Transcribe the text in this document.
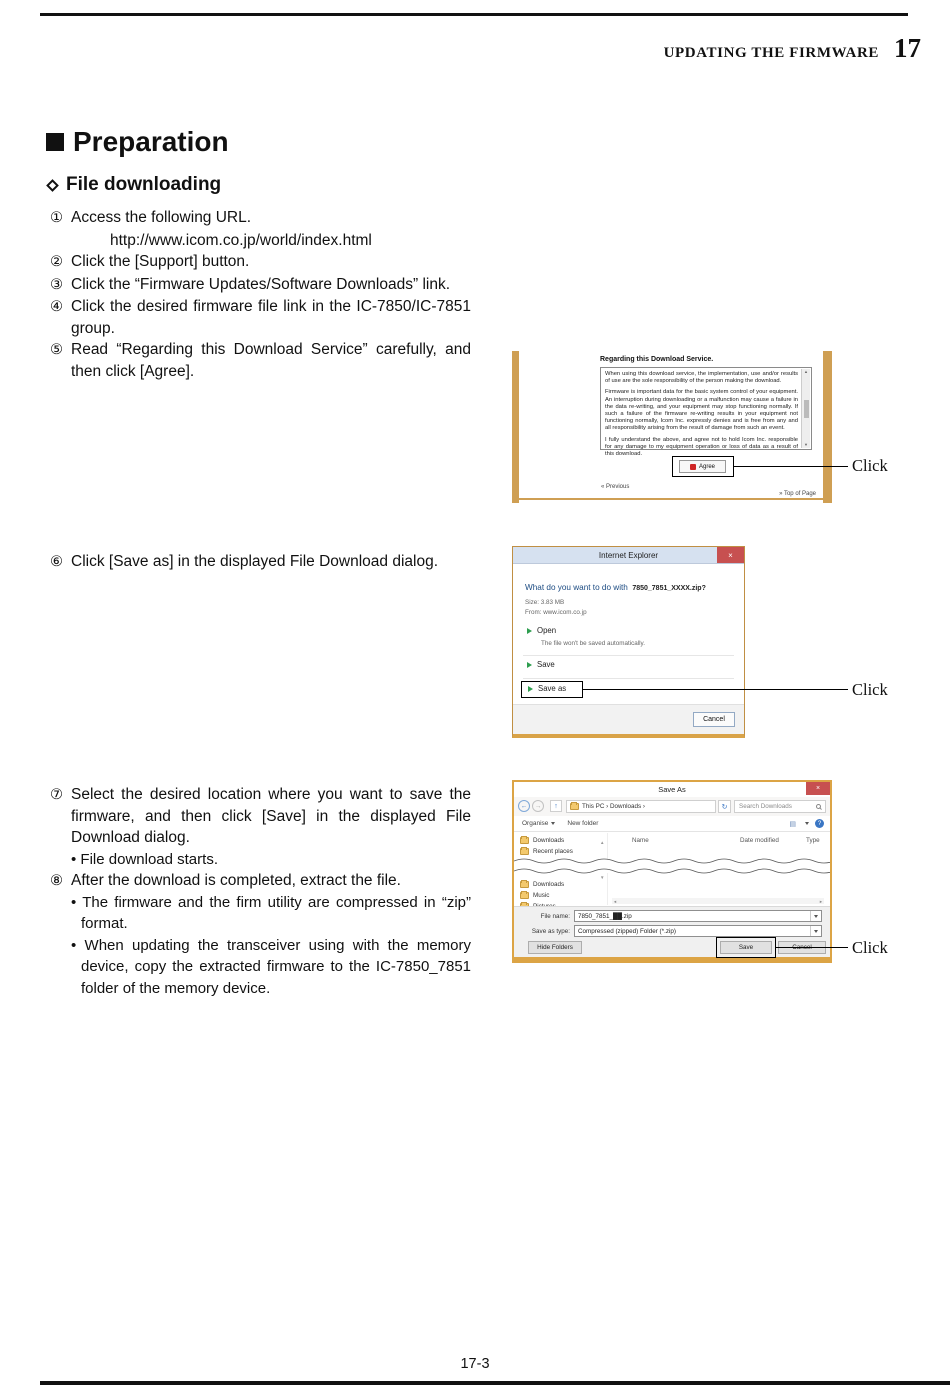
UPDATING THE FIRMWARE 17
Preparation
File downloading
① Access the following URL.
http://www.icom.co.jp/world/index.html
② Click the [Support] button.
③ Click the “Firmware Updates/Software Downloads” link.
④ Click the desired firmware file link in the IC-7850/IC-7851 group.
⑤ Read “Regarding this Download Service” carefully, and then click [Agree].
⑥ Click [Save as] in the displayed File Download dialog.
⑦ Select the desired location where you want to save the firmware, and then click [Save] in the displayed File Download dialog.
• File download starts.
⑧ After the download is completed, extract the file.
• The firmware and the firm utility are compressed in “zip” format.
• When updating the transceiver using with the memory device, copy the extracted firmware to the IC-7850_7851 folder of the memory device.
Regarding this Download Service.

When using this download service, the implementation, use and/or results of use are the sole responsibility of the person making the download.

Firmware is important data for the basic system control of your equipment. An interruption during downloading or a malfunction may cause a failure in the data re-writing, and your equipment may stop functioning normally. If such a failure of the firmware re-writing results in your equipment not functioning normally, Icom Inc. expressly denies and is free from any and all responsibility arising from the result of damage from such an event.

I fully understand the above, and agree not to hold Icom Inc. responsible for any damage to my equipment operation or loss of data as a result of this download.

▲
▼
Agree
« Previous
» Top of Page
Internet Explorer	×
What do you want to do with 7850_7851_XXXX.zip?
Size: 3.83 MB
From: www.icom.co.jp
Open
The file won't be saved automatically.
Save
Save as
Cancel
Save As	×
←	→	↑	This PC › Downloads ›	↻	Search Downloads
Organise	New folder	▤	?
Downloads
Recent places
Downloads
Music
▲
▼
Name	Date modified	Type
◄	►
File name: 7850_7851_██.zip
Save as type: Compressed (zipped) Folder (*.zip)
Hide Folders	Save	Cancel
Click
Click
Click
17-3
